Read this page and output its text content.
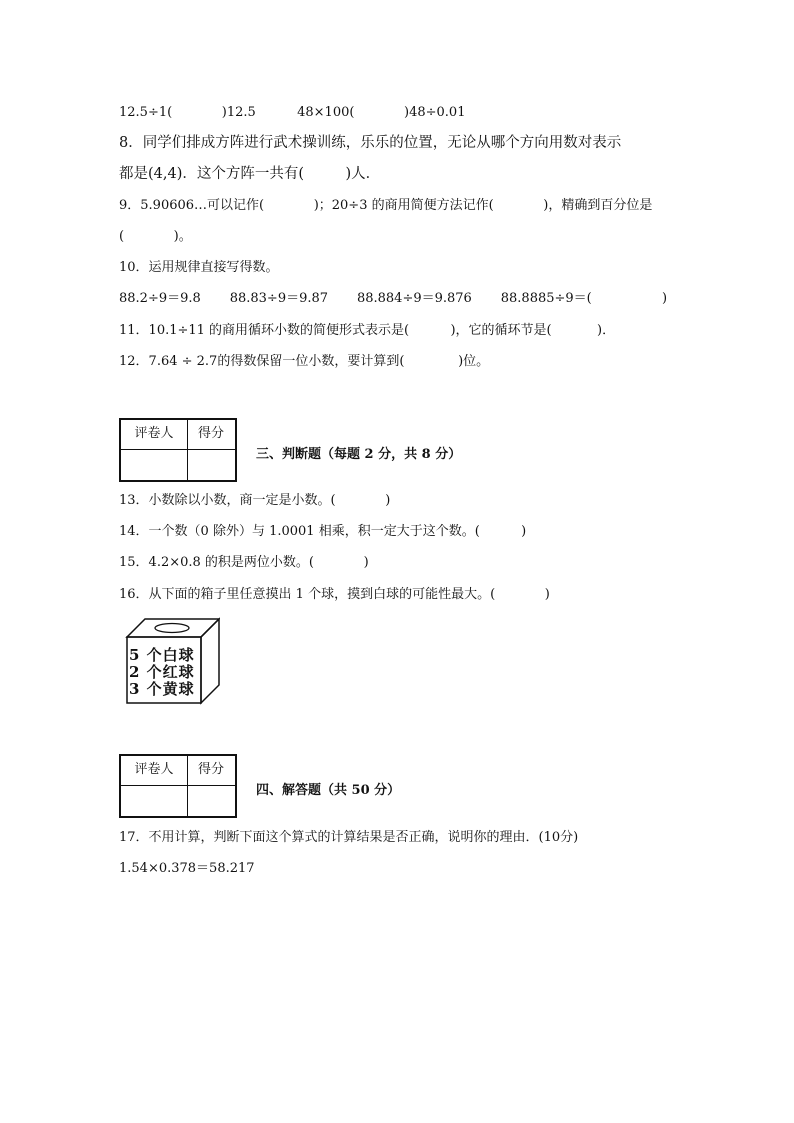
12.5÷1(            )12.5          48×100(            )48÷0.01
8．同学们排成方阵进行武术操训练，乐乐的位置，无论从哪个方向用数对表示
都是(4,4)．这个方阵一共有(         )人．
9．5.90606…可以记作(            )；20÷3 的商用简便方法记作(            )，精确到百分位是
(            )。
10．运用规律直接写得数。
88.2÷9＝9.8       88.83÷9＝9.87       88.884÷9＝9.876       88.8885÷9＝(                 )
11．10.1÷11 的商用循环小数的简便形式表示是(          )，它的循环节是(           )．
12．7.64 ÷ 2.7的得数保留一位小数，要计算到(             )位。
评卷人	得分
三、判断题（每题 2 分，共 8 分）
13．小数除以小数，商一定是小数。(            )
14．一个数（0 除外）与 1.0001 相乘，积一定大于这个数。(          )
15．4.2×0.8 的积是两位小数。(            )
16．从下面的箱子里任意摸出 1 个球，摸到白球的可能性最大。(            )
5 个白球
2 个红球
3 个黄球
评卷人	得分
四、解答题（共 50 分）
17．不用计算，判断下面这个算式的计算结果是否正确，说明你的理由．(10分)
1.54×0.378＝58.217
